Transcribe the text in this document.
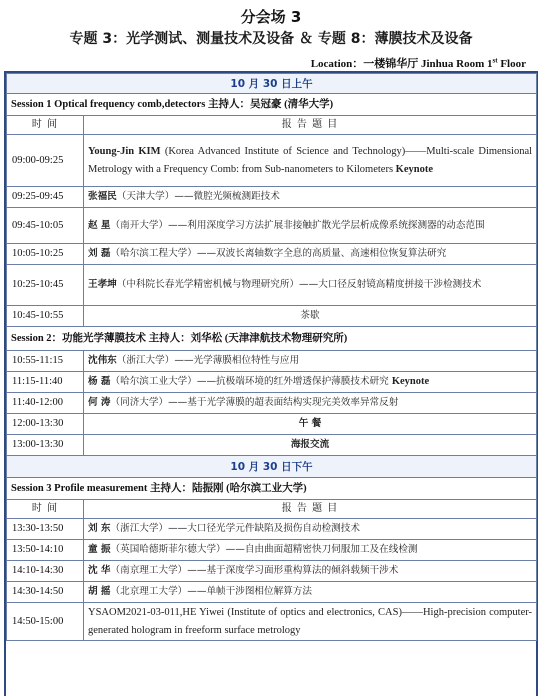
分会场 3
专题 3：光学测试、测量技术及设备 ＆ 专题 8：薄膜技术及设备
Location：一楼锦华厅 Jinhua Room 1st Floor
10 月 30 日上午	
Session 1 Optical frequency comb,detectors 主持人：吴冠豪 (清华大学)	
时 间	报 告 题 目
09:00-09:25	Young-Jin KIM (Korea Advanced Institute of Science and Technology)——Multi-scale Dimensional Metrology with a Frequency Comb: from Sub-nanometers to Kilometers Keynote
09:25-09:45	张福民（天津大学）——微腔光频梳测距技术
09:45-10:05	赵 星（南开大学）——利用深度学习方法扩展非接触扩散光学层析成像系统探测器的动态范围
10:05-10:25	刘 磊（哈尔滨工程大学）——双波长离轴数字全息的高质量、高速相位恢复算法研究
10:25-10:45	王孝坤（中科院长春光学精密机械与物理研究所）——大口径反射镜高精度拼接干涉检测技术
10:45-10:55	茶歇
Session 2：功能光学薄膜技术 主持人：刘华松 (天津津航技术物理研究所)	
10:55-11:15	沈伟东（浙江大学）——光学薄膜相位特性与应用
11:15-11:40	杨 磊（哈尔滨工业大学）——抗极端环境的红外增透保护薄膜技术研究 Keynote
11:40-12:00	何 涛（同济大学）——基于光学薄膜的超表面结构实现完美效率异常反射
12:00-13:30	午 餐
13:00-13:30	海报交流
10 月 30 日下午	
Session 3 Profile measurement 主持人：陆振刚 (哈尔滨工业大学)	
时 间	报 告 题 目
13:30-13:50	刘 东（浙江大学）——大口径光学元件缺陷及损伤自动检测技术
13:50-14:10	童 振（英国哈德斯菲尔德大学）——自由曲面超精密快刀伺服加工及在线检测
14:10-14:30	沈 华（南京理工大学）——基于深度学习面形重构算法的倾斜载频干涉术
14:30-14:50	胡 摇（北京理工大学）——单帧干涉图相位解算方法
14:50-15:00	YSAOM2021-03-011,HE Yiwei (Institute of optics and electronics, CAS)——High-precision computer-generated hologram in freeform surface metrology
